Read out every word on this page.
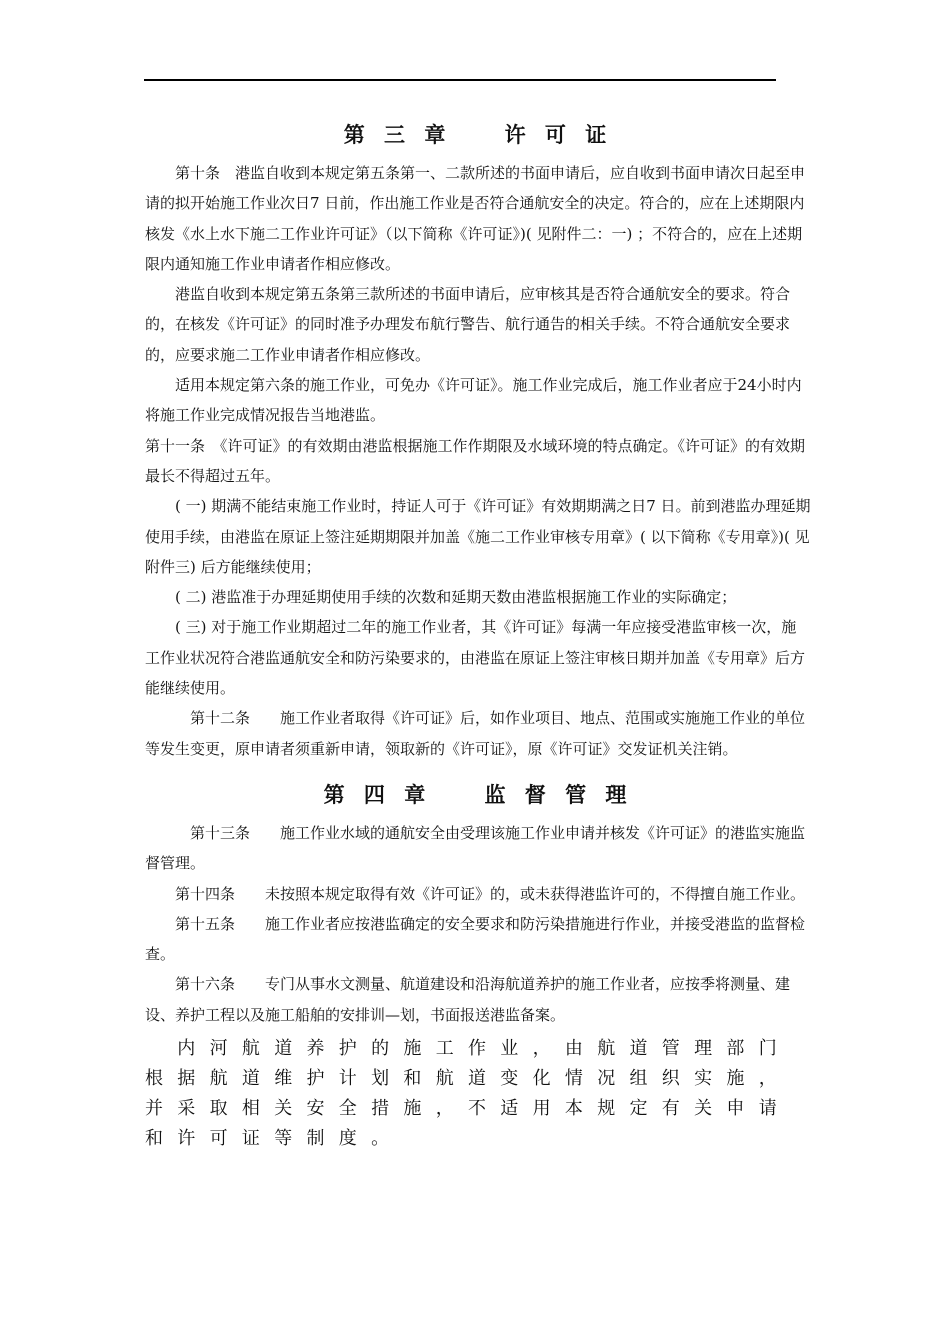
第 三 章    许 可 证

　　第十条　港监自收到本规定第五条第一、二款所述的书面申请后，应自收到书面申请次日起至申请的拟开始施工作业次日7 日前，作出施工作业是否符合通航安全的决定。符合的，应在上述期限内核发《水上水下施二工作业许可证》（以下简称《许可证》)( 见附件二：一) ；不符合的，应在上述期限内通知施工作业申请者作相应修改。

　　港监自收到本规定第五条第三款所述的书面申请后，应审核其是否符合通航安全的要求。符合的，在核发《许可证》的同时准予办理发布航行警告、航行通告的相关手续。不符合通航安全要求的，应要求施二工作业申请者作相应修改。

　　适用本规定第六条的施工作业，可免办《许可证》。施工作业完成后，施工作业者应于24小时内将施工作业完成情况报告当地港监。

第十一条　《许可证》的有效期由港监根据施工作作期限及水域环境的特点确定。《许可证》的有效期最长不得超过五年。

　　( 一) 期满不能结束施工作业时，持证人可于《许可证》有效期期满之日7 日。前到港监办理延期使用手续，由港监在原证上签注延期期限并加盖《施二工作业审核专用章》( 以下简称《专用章》)( 见附件三) 后方能继续使用；

　　( 二) 港监准于办理延期使用手续的次数和延期天数由港监根据施工作业的实际确定；

　　( 三) 对于施工作业期超过二年的施工作业者，其《许可证》每满一年应接受港监审核一次，施工作业状况符合港监通航安全和防污染要求的，由港监在原证上签注审核日期并加盖《专用章》后方能继续使用。

　　　第十二条　　施工作业者取得《许可证》后，如作业项目、地点、范围或实施施工作业的单位等发生变更，原申请者须重新申请，领取新的《许可证》，原《许可证》交发证机关注销。

第 四 章    监 督 管 理

　　　第十三条　　施工作业水域的通航安全由受理该施工作业申请并核发《许可证》的港监实施监督管理。

　　第十四条　　未按照本规定取得有效《许可证》的，或未获得港监许可的，不得擅自施工作业。

　　第十五条　　施工作业者应按港监确定的安全要求和防污染措施进行作业，并接受港监的监督检查。

　　第十六条　　专门从事水文测量、航道建设和沿海航道养护的施工作业者，应按季将测量、建设、养护工程以及施工船舶的安排训—划，书面报送港监备案。

　内河航道养护的施工作业，由航道管理部门根据航道维护计划和航道变化情况组织实施，并采取相关安全措施，不适用本规定有关申请和许可证等制度。
